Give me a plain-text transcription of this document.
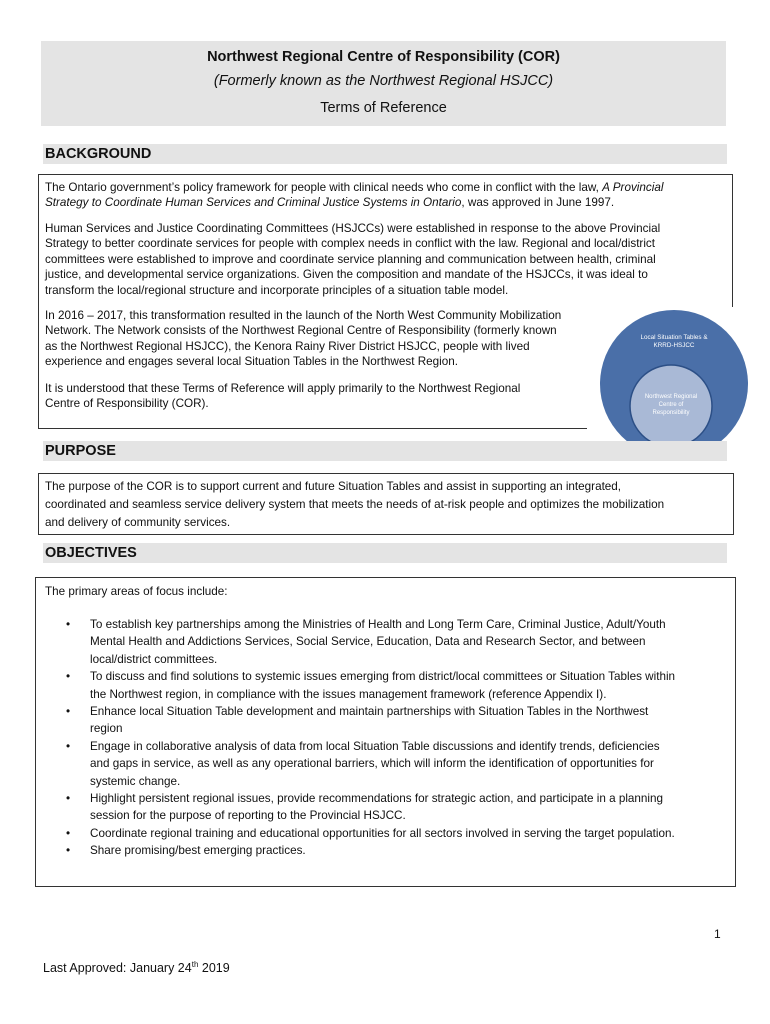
Northwest Regional Centre of Responsibility (COR)
(Formerly known as the Northwest Regional HSJCC)
Terms of Reference
BACKGROUND
The Ontario government’s policy framework for people with clinical needs who come in conflict with the law, A Provincial
Strategy to Coordinate Human Services and Criminal Justice Systems in Ontario, was approved in June 1997.
Human Services and Justice Coordinating Committees (HSJCCs) were established in response to the above Provincial
Strategy to better coordinate services for people with complex needs in conflict with the law. Regional and local/district
committees were established to improve and coordinate service planning and communication between health, criminal
justice, and developmental service organizations. Given the composition and mandate of the HSJCCs, it was ideal to
transform the local/regional structure and incorporate principles of a situation table model.
In 2016 – 2017, this transformation resulted in the launch of the North West Community Mobilization
Network. The Network consists of the Northwest Regional Centre of Responsibility (formerly known
as the Northwest Regional HSJCC), the Kenora Rainy River District HSJCC, people with lived
experience and engages several local Situation Tables in the Northwest Region.
It is understood that these Terms of Reference will apply primarily to the Northwest Regional
Centre of Responsibility (COR).
Local Situation Tables &
KRRD-HSJCC
Northwest Regional
Centre of
Responsibility
PURPOSE
The purpose of the COR is to support current and future Situation Tables and assist in supporting an integrated,
coordinated and seamless service delivery system that meets the needs of at-risk people and optimizes the mobilization
and delivery of community services.
OBJECTIVES
The primary areas of focus include:
• To establish key partnerships among the Ministries of Health and Long Term Care, Criminal Justice, Adult/Youth
Mental Health and Addictions Services, Social Service, Education, Data and Research Sector, and between
local/district committees.
• To discuss and find solutions to systemic issues emerging from district/local committees or Situation Tables within
the Northwest region, in compliance with the issues management framework (reference Appendix I).
• Enhance local Situation Table development and maintain partnerships with Situation Tables in the Northwest
region
• Engage in collaborative analysis of data from local Situation Table discussions and identify trends, deficiencies
and gaps in service, as well as any operational barriers, which will inform the identification of opportunities for
systemic change.
• Highlight persistent regional issues, provide recommendations for strategic action, and participate in a planning
session for the purpose of reporting to the Provincial HSJCC.
• Coordinate regional training and educational opportunities for all sectors involved in serving the target population.
• Share promising/best emerging practices.
1
Last Approved: January 24th 2019
